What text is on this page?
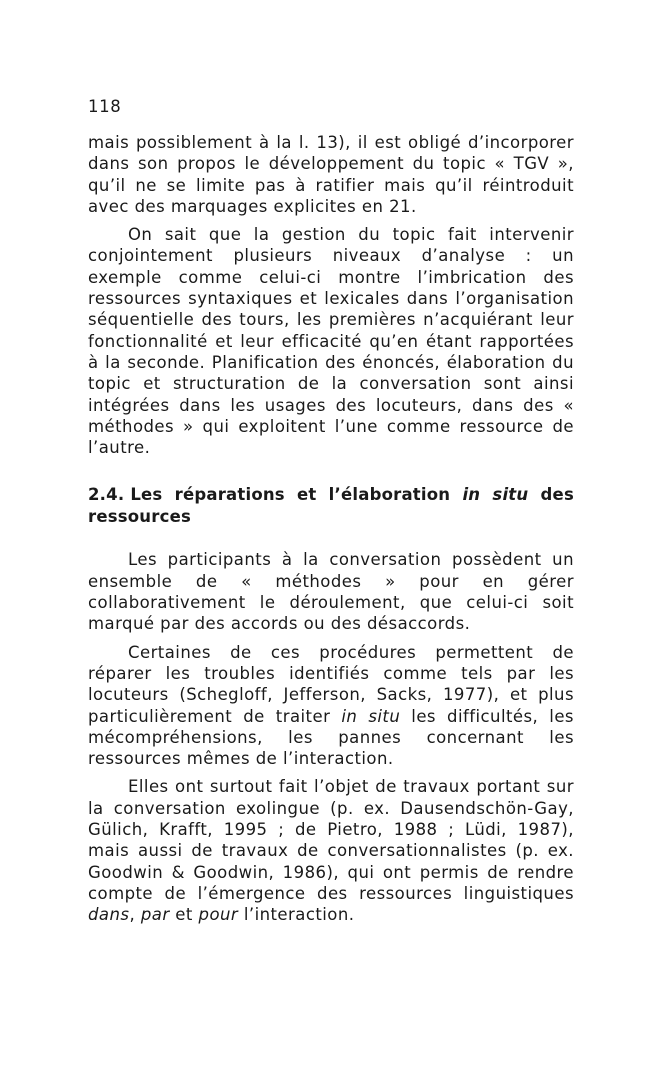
118

mais possiblement à la l. 13), il est obligé d’incorporer dans son propos le développement du topic « TGV », qu’il ne se limite pas à ratifier mais qu’il réintroduit avec des marquages explicites en 21.

On sait que la gestion du topic fait intervenir conjointement plusieurs niveaux d’analyse : un exemple comme celui-ci montre l’imbrication des ressources syntaxiques et lexicales dans l’organisation séquentielle des tours, les premières n’acquiérant leur fonctionnalité et leur efficacité qu’en étant rapportées à la seconde. Planification des énoncés, élaboration du topic et structuration de la conversation sont ainsi intégrées dans les usages des locuteurs, dans des « méthodes » qui exploitent l’une comme ressource de l’autre.

2.4. Les réparations et l’élaboration in situ des ressources

Les participants à la conversation possèdent un ensemble de « méthodes » pour en gérer collaborativement le déroulement, que celui-ci soit marqué par des accords ou des désaccords.

Certaines de ces procédures permettent de réparer les troubles identifiés comme tels par les locuteurs (Schegloff, Jefferson, Sacks, 1977), et plus particulièrement de traiter in situ les difficultés, les mécompréhensions, les pannes concernant les ressources mêmes de l’interaction.

Elles ont surtout fait l’objet de travaux portant sur la conversation exolingue (p. ex. Dausendschön-Gay, Gülich, Krafft, 1995 ; de Pietro, 1988 ; Lüdi, 1987), mais aussi de travaux de conversationnalistes (p. ex. Goodwin & Goodwin, 1986), qui ont permis de rendre compte de l’émergence des ressources linguistiques dans, par et pour l’interaction.
